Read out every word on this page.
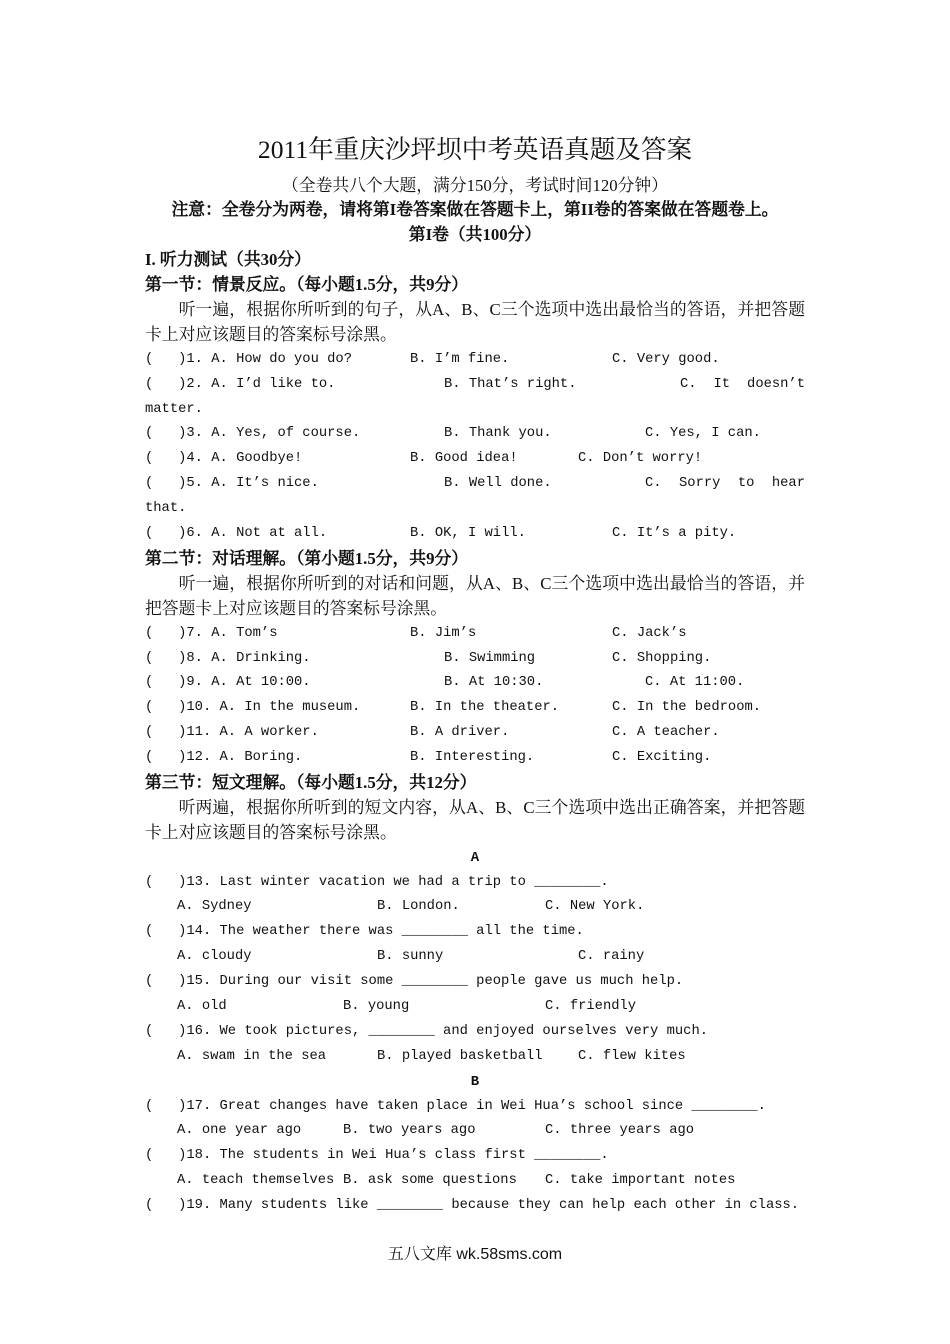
2011年重庆沙坪坝中考英语真题及答案
（全卷共八个大题，满分150分，考试时间120分钟）
注意：全卷分为两卷，请将第I卷答案做在答题卡上，第II卷的答案做在答题卷上。
第I卷（共100分）
I. 听力测试（共30分）
第一节：情景反应。（每小题1.5分，共9分）
听一遍，根据你所听到的句子，从A、B、C三个选项中选出最恰当的答语，并把答题
卡上对应该题目的答案标号涂黑。
(   )1. A. How do you do?	B. I’m fine.	C. Very good.
(   )2. A. I’d like to.	B. That’s right.	C. It doesn’t matter.
(   )3. A. Yes, of course.	B. Thank you.	C. Yes, I can.
(   )4. A. Goodbye!	B. Good idea!	C. Don’t worry!
(   )5. A. It’s nice.	B. Well done.	C. Sorry to hear that.
(   )6. A. Not at all.	B. OK, I will.	C. It’s a pity.
第二节：对话理解。（第小题1.5分，共9分）
听一遍，根据你所听到的对话和问题，从A、B、C三个选项中选出最恰当的答语，并
把答题卡上对应该题目的答案标号涂黑。
(   )7. A. Tom’s	B. Jim’s	C. Jack’s
(   )8. A. Drinking.	B. Swimming	C. Shopping.
(   )9. A. At 10:00.	B. At 10:30.	C. At 11:00.
(   )10. A. In the museum.	B. In the theater.	C. In the bedroom.
(   )11. A. A worker.	B. A driver.	C. A teacher.
(   )12. A. Boring.	B. Interesting.	C. Exciting.
第三节：短文理解。（每小题1.5分，共12分）
听两遍，根据你所听到的短文内容，从A、B、C三个选项中选出正确答案，并把答题
卡上对应该题目的答案标号涂黑。
A
(   )13. Last winter vacation we had a trip to ________.
A. Sydney	B. London.	C. New York.
(   )14. The weather there was ________ all the time.
A. cloudy	B. sunny	C. rainy
(   )15. During our visit some ________ people gave us much help.
A. old	B. young	C. friendly
(   )16. We took pictures, ________ and enjoyed ourselves very much.
A. swam in the sea	B. played basketball	C. flew kites
B
(   )17. Great changes have taken place in Wei Hua’s school since ________.
A. one year ago	B. two years ago	C. three years ago
(   )18. The students in Wei Hua’s class first ________.
A. teach themselves B. ask some questions C. take important notes
(   )19. Many students like ________ because they can help each other in class.
五八文库 wk.58sms.com
